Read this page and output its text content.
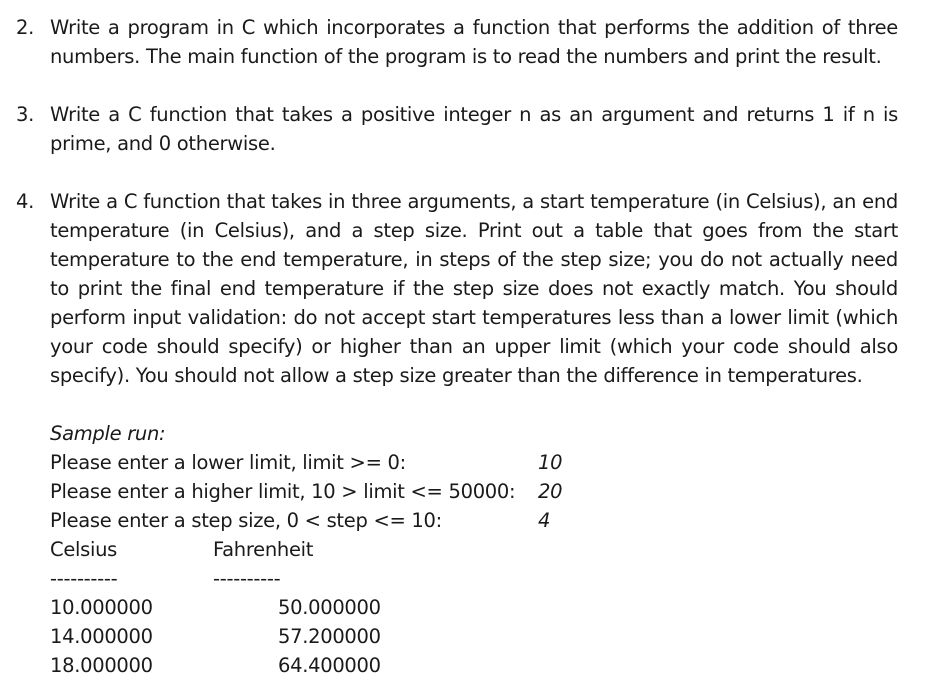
2. Write a program in C which incorporates a function that performs the addition of three numbers. The main function of the program is to read the numbers and print the result.

3. Write a C function that takes a positive integer n as an argument and returns 1 if n is prime, and 0 otherwise.

4. Write a C function that takes in three arguments, a start temperature (in Celsius), an end temperature (in Celsius), and a step size. Print out a table that goes from the start temperature to the end temperature, in steps of the step size; you do not actually need to print the final end temperature if the step size does not exactly match. You should perform input validation: do not accept start temperatures less than a lower limit (which your code should specify) or higher than an upper limit (which your code should also specify). You should not allow a step size greater than the difference in temperatures.

Sample run:
Please enter a lower limit, limit >= 0:	10
Please enter a higher limit, 10 > limit <= 50000: 20
Please enter a step size, 0 < step <= 10:	4
Celsius	Fahrenheit
----------	----------
10.000000	50.000000
14.000000	57.200000
18.000000	64.400000
